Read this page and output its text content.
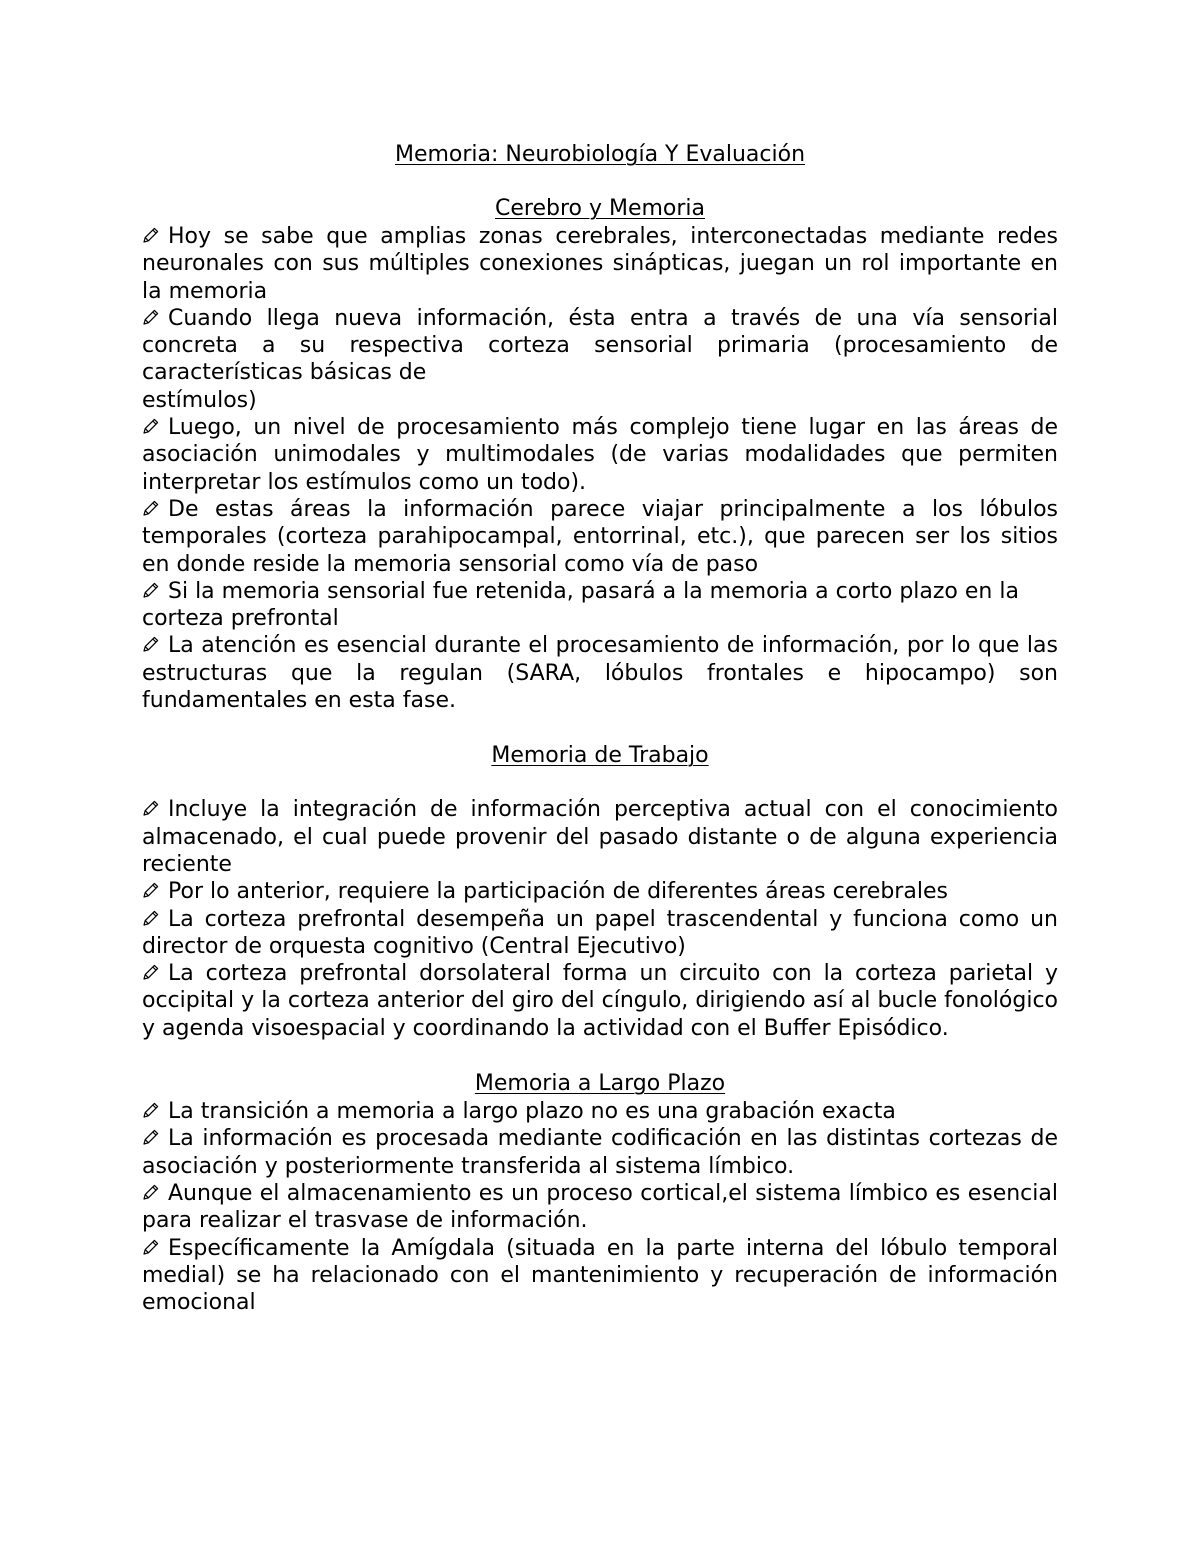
Memoria: Neurobiología Y Evaluación

Cerebro y Memoria

Hoy se sabe que amplias zonas cerebrales, interconectadas mediante redes neuronales con sus múltiples conexiones sinápticas, juegan un rol importante en la memoria

Cuando llega nueva información, ésta entra a través de una vía sensorial concreta a su respectiva corteza sensorial primaria (procesamiento de características básicas de

estímulos)

Luego, un nivel de procesamiento más complejo tiene lugar en las áreas de asociación unimodales y multimodales (de varias modalidades que permiten interpretar los estímulos como un todo).

De estas áreas la información parece viajar principalmente a los lóbulos temporales (corteza parahipocampal, entorrinal, etc.), que parecen ser los sitios en donde reside la memoria sensorial como vía de paso

Si la memoria sensorial fue retenida, pasará a la memoria a corto plazo en la

corteza prefrontal

La atención es esencial durante el procesamiento de información, por lo que las estructuras que la regulan (SARA, lóbulos frontales e hipocampo) son fundamentales en esta fase.

Memoria de Trabajo

Incluye la integración de información perceptiva actual con el conocimiento almacenado, el cual puede provenir del pasado distante o de alguna experiencia reciente

Por lo anterior, requiere la participación de diferentes áreas cerebrales

La corteza prefrontal desempeña un papel trascendental y funciona como un director de orquesta cognitivo (Central Ejecutivo)

La corteza prefrontal dorsolateral forma un circuito con la corteza parietal y occipital y la corteza anterior del giro del cíngulo, dirigiendo así al bucle fonológico y agenda visoespacial y coordinando la actividad con el Buffer Episódico.

Memoria a Largo Plazo

La transición a memoria a largo plazo no es una grabación exacta

La información es procesada mediante codificación en las distintas cortezas de asociación y posteriormente transferida al sistema límbico.

Aunque el almacenamiento es un proceso cortical,el sistema límbico es esencial para realizar el trasvase de información.

Específicamente la Amígdala (situada en la parte interna del lóbulo temporal medial) se ha relacionado con el mantenimiento y recuperación de información emocional
